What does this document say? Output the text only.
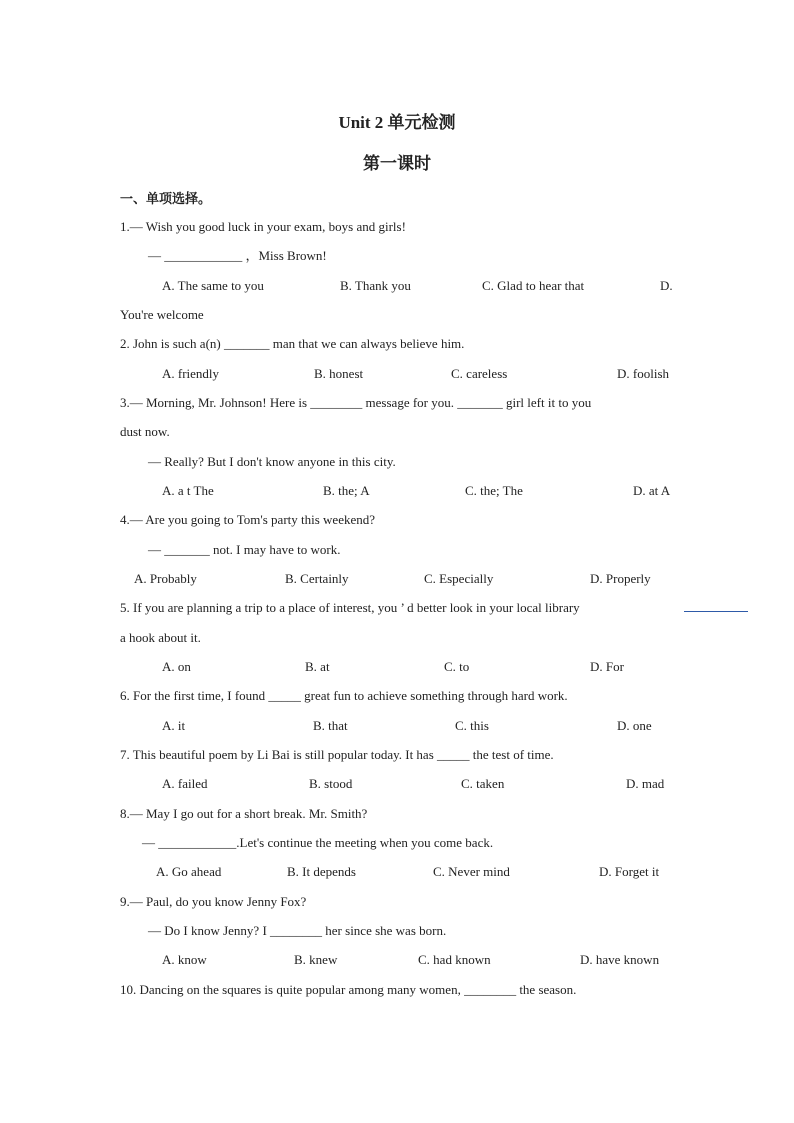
Unit 2 单元检测
第一课时
一、单项选择。
1.— Wish you good luck in your exam, boys and girls!
— ____________ ，Miss Brown!
A. The same to you	B. Thank you	C. Glad to hear that	D.
You're welcome
2. John is such a(n) _______ man that we can always believe him.
A. friendly	B. honest	C. careless	D. foolish
3.— Morning, Mr. Johnson! Here is ________ message for you. _______ girl left it to you
dust now.
— Really? But I don't know anyone in this city.
A. a t The	B. the; A	C. the; The	D. at A
4.— Are you going to Tom's party this weekend?
— _______ not. I may have to work.
A. Probably	B. Certainly	C. Especially	D. Properly
5. If you are planning a trip to a place of interest, you ’ d better look in your local library
a hook about it.
A. on	B. at	C. to	D. For
6. For the first time, I found _____ great fun to achieve something through hard work.
A. it	B. that	C. this	D. one
7. This beautiful poem by Li Bai is still popular today. It has _____ the test of time.
A. failed	B. stood	C. taken	D. mad
8.— May I go out for a short break. Mr. Smith?
— ____________.Let's continue the meeting when you come back.
A. Go ahead	B. It depends	C. Never mind	D. Forget it
9.— Paul, do you know Jenny Fox?
— Do I know Jenny? I ________ her since she was born.
A. know	B. knew	C. had known	D. have known
10. Dancing on the squares is quite popular among many women, ________ the season.
